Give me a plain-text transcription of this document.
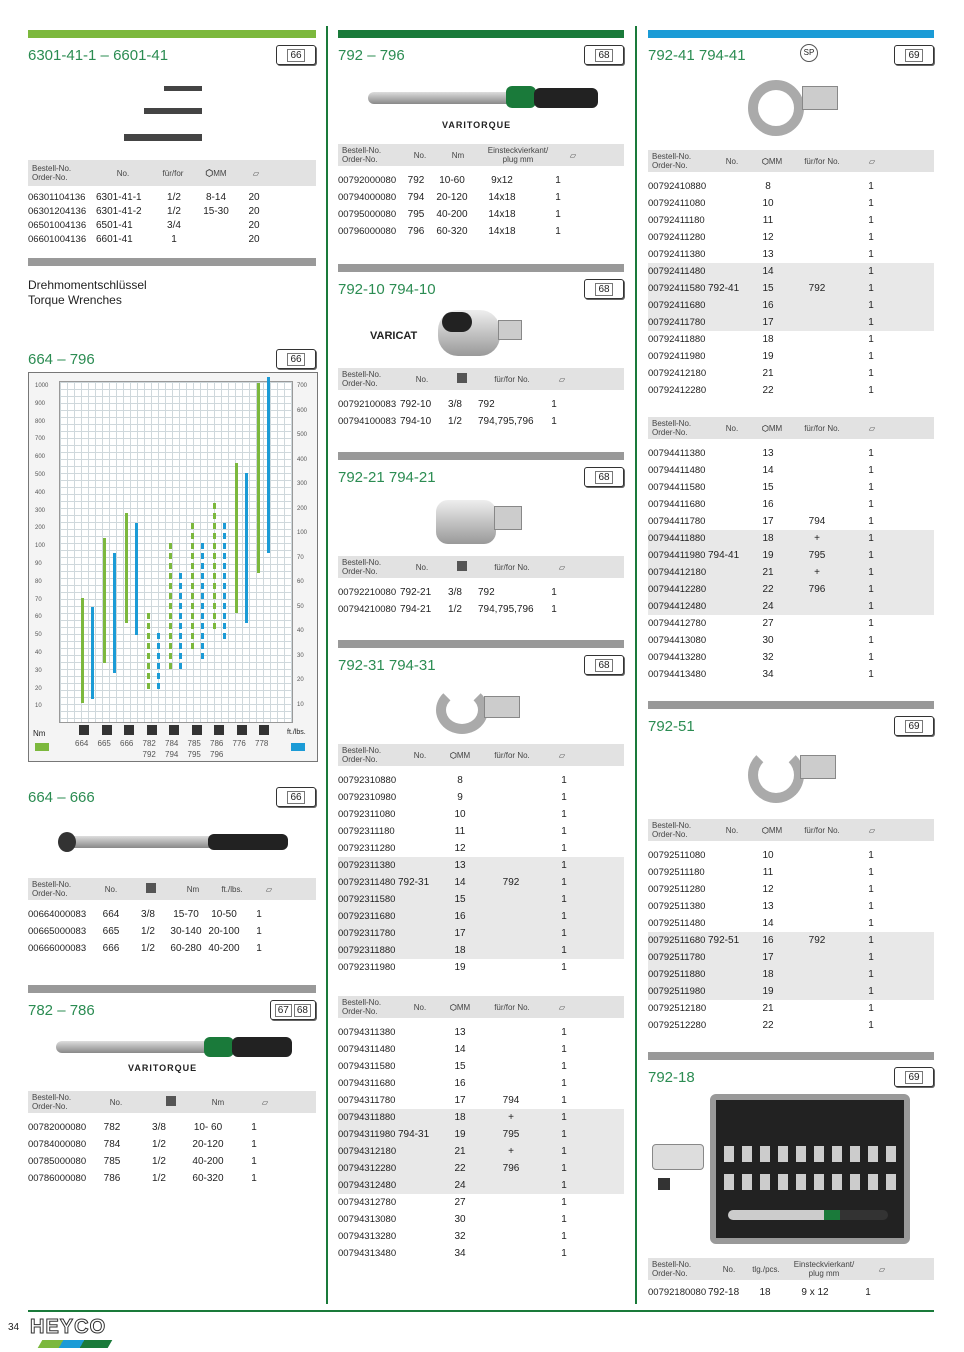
6301-41-1 – 6601-41	66
Bestell-No.
Order-No.	No.	für/for	⬡MM	▱
06301104136	6301-41-1	1/2	8-14	20
06301204136 6301-41-2	1/2	15-30	20
06501004136 6501-41	3/4	20
06601004136 6601-41	1	20
Drehmomentschlüssel
Torque Wrenches
664 – 796	66
1000
900
800
700
600
500
400
300
200
100
90
80
70
60
50
40
30
20
10
700
600
500
400
300
200
100
70
60
50
40
30
20
10
664 665 666 782
792
784
794
785
795
786
796
776 778
Nm	ft./lbs.
664 – 666	66
Bestell-No.
Order-No.	No.	Nm	ft./lbs.	▱
00664000083	664	3/8	15-70	10-50	1
00665000083	665	1/2	30-140 20-100	1
00666000083	666	1/2	60-280 40-200	1
782 – 786	67 68
VARITORQUE
Bestell-No.
Order-No.	No.	Nm	▱
00782000080	782	3/8	10- 60	1
00784000080	784	1/2	20-120	1
00785000080	785	1/2	40-200	1
00786000080	786	1/2	60-320	1
792 – 796	68
VARITORQUE
Bestell-No.
Order-No.	No.	Nm	Einsteckvierkant/
plug mm	▱
00792000080	792	10-60	9x12	1
00794000080	794	20-120	14x18	1
00795000080	795	40-200	14x18	1
00796000080	796	60-320	14x18	1
792-10 794-10	68
VARICAT
Bestell-No.
Order-No.	No.	für/for No.	▱
00792100083 792-10	3/8	792	1
00794100083 794-10	1/2	794,795,796	1
792-21 794-21	68
Bestell-No.
Order-No.	No.	für/for No.	▱
00792210080 792-21	3/8	792	1
00794210080 794-21	1/2	794,795,796	1
792-31 794-31	68
Bestell-No.
Order-No.	No.	⬡MM	für/for No.	▱
00792310880	8	1
00792310980	9	1
00792311080	10	1
00792311180	11	1
00792311280	12	1
00792311380	13	1
00792311480 792-31	14	792	1
00792311580	15	1
00792311680	16	1
00792311780	17	1
00792311880	18	1
00792311980	19	1
Bestell-No.
Order-No.	No.	⬡MM	für/for No.	▱
00794311380	13	1
00794311480	14	1
00794311580	15	1
00794311680	16	1
00794311780	17	794	1
00794311880	18	+	1
00794311980 794-31	19	795	1
00794312180	21	+	1
00794312280	22	796	1
00794312480	24	1
00794312780	27	1
00794313080	30	1
00794313280	32	1
00794313480	34	1
792-41 794-41	SP	69
Bestell-No.
Order-No.	No.	⬡MM	für/for No.	▱
00792410880	8	1
00792411080	10	1
00792411180	11	1
00792411280	12	1
00792411380	13	1
00792411480	14	1
00792411580 792-41	15	792	1
00792411680	16	1
00792411780	17	1
00792411880	18	1
00792411980	19	1
00792412180	21	1
00792412280	22	1
Bestell-No.
Order-No.	No.	⬡MM	für/for No.	▱
00794411380	13	1
00794411480	14	1
00794411580	15	1
00794411680	16	1
00794411780	17	794	1
00794411880	18	+	1
00794411980 794-41	19	795	1
00794412180	21	+	1
00794412280	22	796	1
00794412480	24	1
00794412780	27	1
00794413080	30	1
00794413280	32	1
00794413480	34	1
792-51	69
Bestell-No.
Order-No.	No.	⬡MM	für/for No.	▱
00792511080	10	1
00792511180	11	1
00792511280	12	1
00792511380	13	1
00792511480	14	1
00792511680 792-51	16	792	1
00792511780	17	1
00792511880	18	1
00792511980	19	1
00792512180	21	1
00792512280	22	1
792-18	69
Bestell-No.
Order-No.	No.	tlg./pcs.	Einsteckvierkant/
plug mm	▱
00792180080 792-18	18	9 x 12	1
34 HEYCO
